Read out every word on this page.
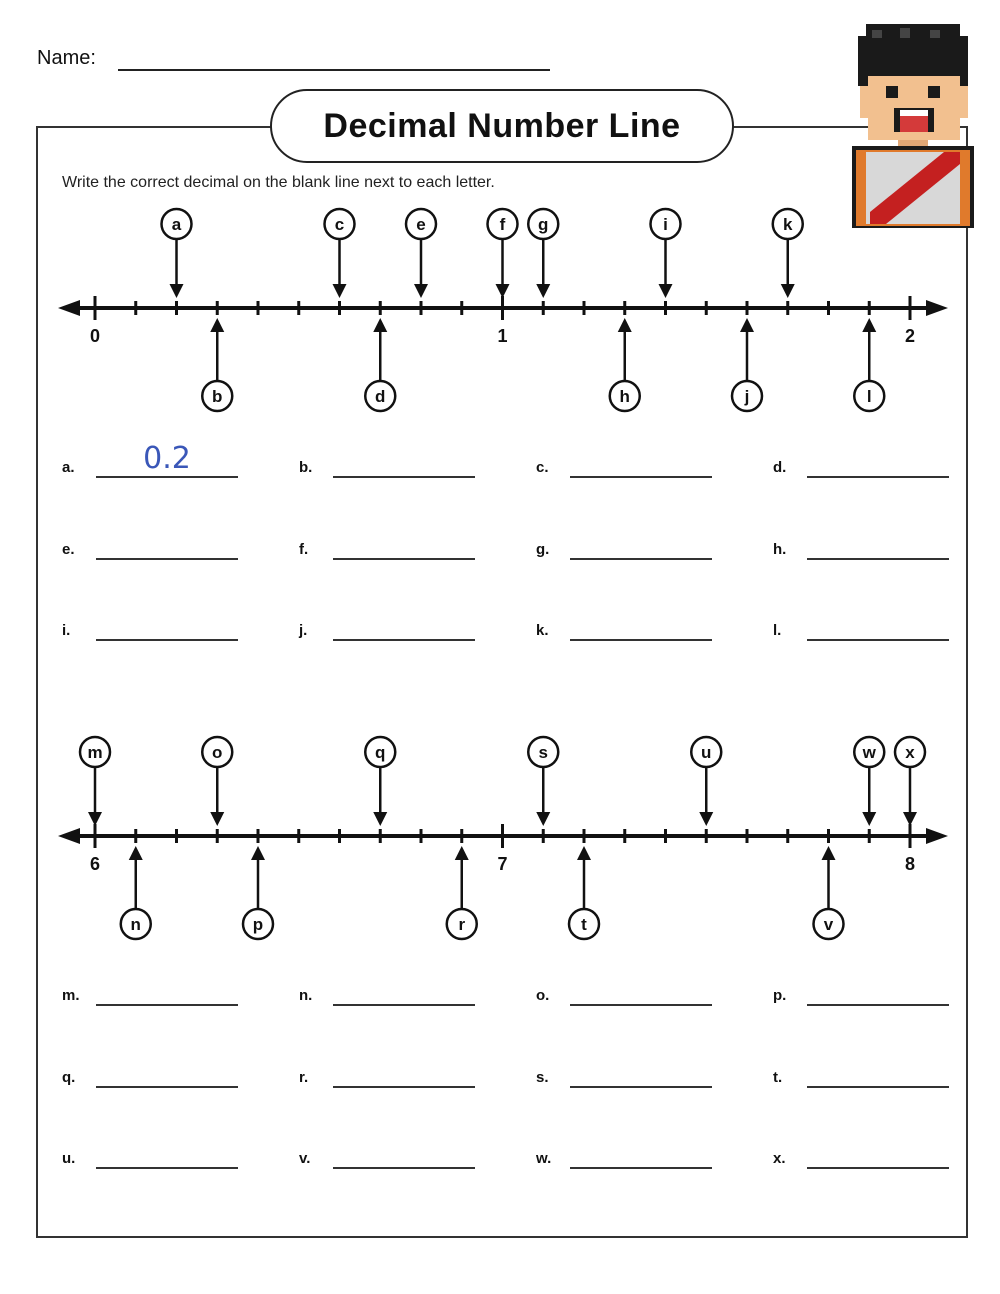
Name:
Decimal Number Line
Write the correct decimal on the blank line next to each letter.
0	1	2
a
b
c
d
e	f g
h
i
j
k
l
6	7	8
m
n
o
p
q
r
s
t
u
v
w x
a.	0.2	b.	c.	d.
e.	f.	g.	h.
i.	j.	k.	l.
m.	n.	o.	p.
q.	r.	s.	t.
u.	v.	w.	x.
